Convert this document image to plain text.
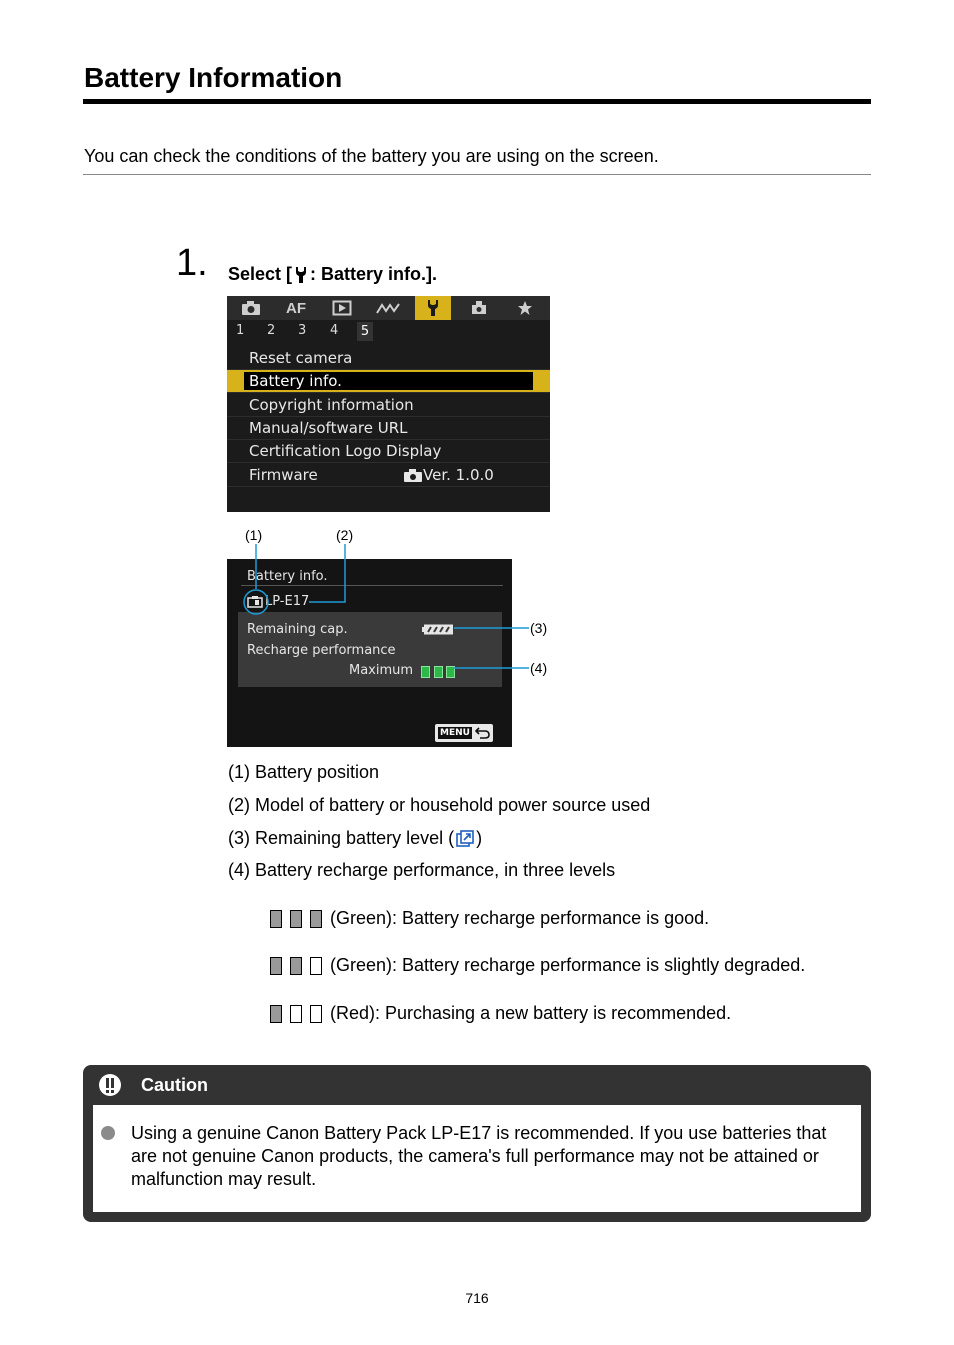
Battery Information
You can check the conditions of the battery you are using on the screen.
1. Select [ : Battery info.].
AF
1 2 3 4 5
Reset camera
Battery info.
Copyright information
Manual/software URL
Certification Logo Display
Firmware	Ver. 1.0.0
(1)	(2)
(3)
(4)
Battery info.
LP-E17
Remaining cap.
Recharge performance
Maximum
MENU
(1) Battery position
(2) Model of battery or household power source used
(3) Remaining battery level ( )
(4) Battery recharge performance, in three levels
(Green): Battery recharge performance is good.
(Green): Battery recharge performance is slightly degraded.
(Red): Purchasing a new battery is recommended.
Caution
Using a genuine Canon Battery Pack LP-E17 is recommended. If you use batteries that are not genuine Canon products, the camera's full performance may not be attained or malfunction may result.
716
